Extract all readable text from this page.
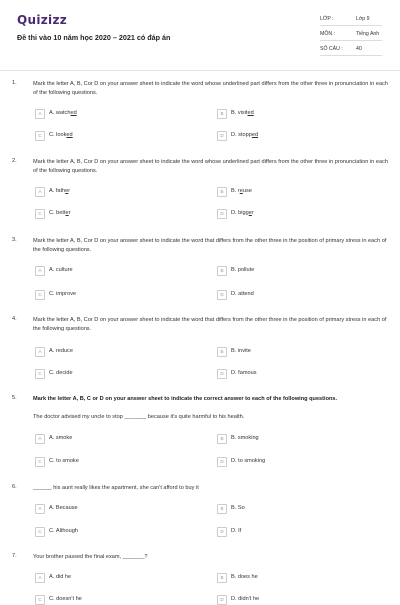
Quizizz
Đề thi vào 10 năm học 2020 – 2021 có đáp án
LỚP :	Lớp 9
MÔN :	Tiếng Anh
SỐ CÂU :	40
1.	Mark the letter A, B, Cor D on your answer sheet to indicate the word whose underlined part differs from the other three in pronunciation in each of the following questions.
A	A. watched	B	B. visited
C	C. looked	D	D. stopped
2.	Mark the letter A, B, Cor D on your answer sheet to indicate the word whose underlined part differs from the other three in pronunciation in each of the following questions.
A	A. father	B	B. reuse
C	C. better	D	D. bigger
3.	Mark the letter A, B, Cor D on your answer sheet to indicate the word that differs from the other three in the position of primary stress in each of the following questions.
A	A. culture	B	B. pollute
C	C. improve	D	D. attend
4.	Mark the letter A, B, Cor D on your answer sheet to indicate the word that differs from the other three in the position of primary stress in each of the following questions.
A	A. reduce	B	B. invite
C	C. decide	D	D. famous
5.	Mark the letter A, B, C or D on your answer sheet to indicate the correct answer to each of the following questions.
The doctor advised my uncle to stop _______ because it's quite harmful to his health.
A	A. smoke	B	B. smoking
C	C. to smoke	D	D. to smoking
6.	______ his aunt really likes the apartment, she can't afford to buy it
A	A. Because	B	B. So
C	C. Although	D	D. If
7.	Your brother passed the final exam, _______?
A	A. did he	B	B. does he
C	C. doesn't he	D	D. didn't he
